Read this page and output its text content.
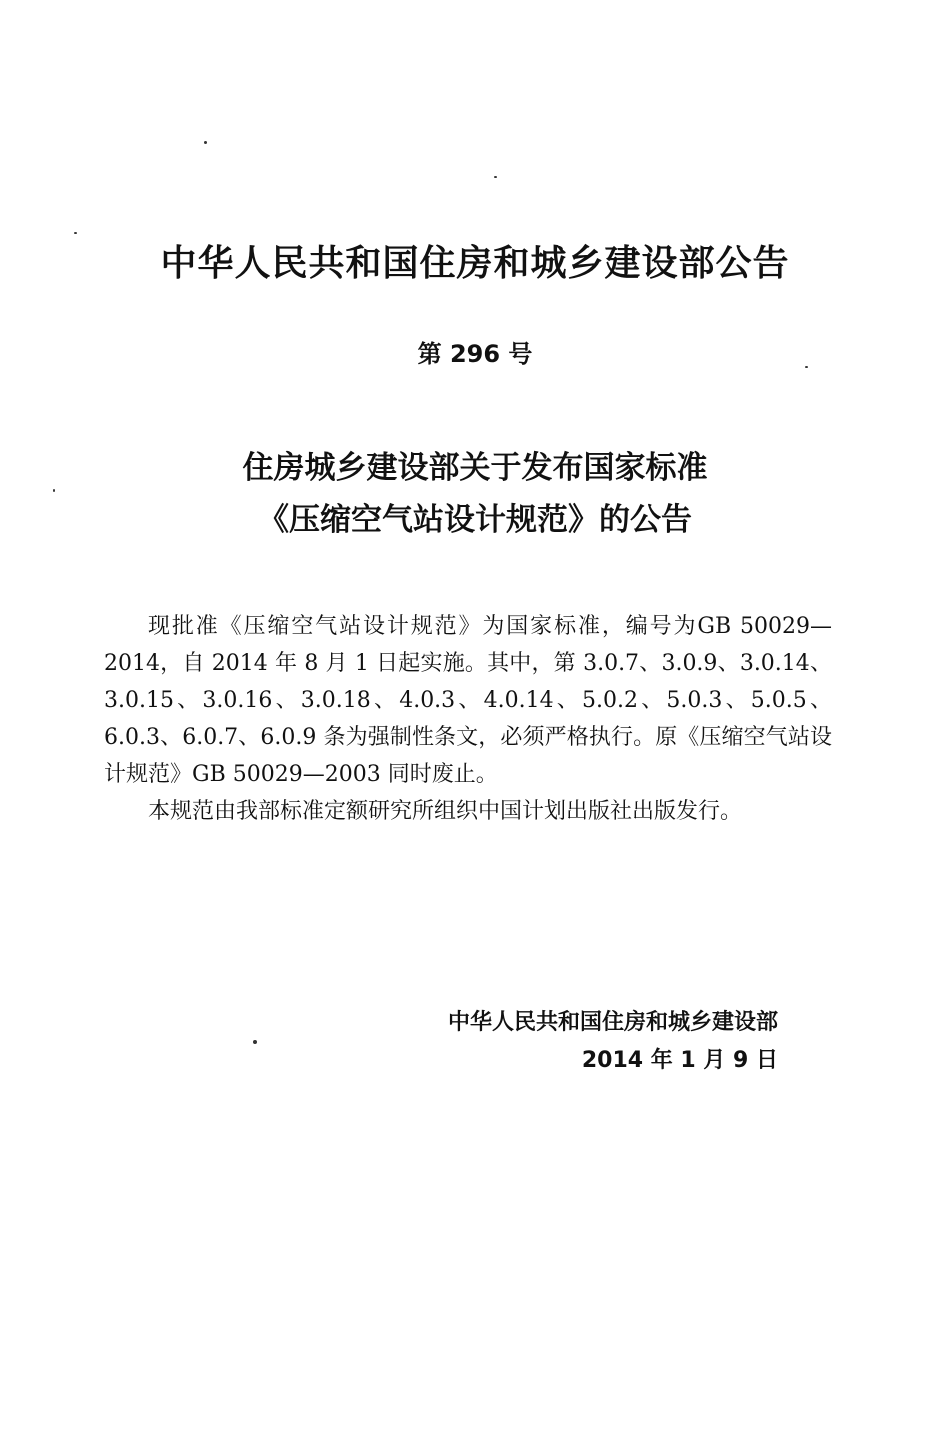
中华人民共和国住房和城乡建设部公告
第 296 号
住房城乡建设部关于发布国家标准
《压缩空气站设计规范》的公告

现批准《压缩空气站设计规范》为国家标准，编号为GB 50029—2014，自 2014 年 8 月 1 日起实施。其中，第 3.0.7、3.0.9、3.0.14、3.0.15、3.0.16、3.0.18、4.0.3、4.0.14、5.0.2、5.0.3、5.0.5、6.0.3、6.0.7、6.0.9 条为强制性条文，必须严格执行。原《压缩空气站设计规范》GB 50029—2003 同时废止。

本规范由我部标准定额研究所组织中国计划出版社出版发行。

中华人民共和国住房和城乡建设部
2014 年 1 月 9 日
